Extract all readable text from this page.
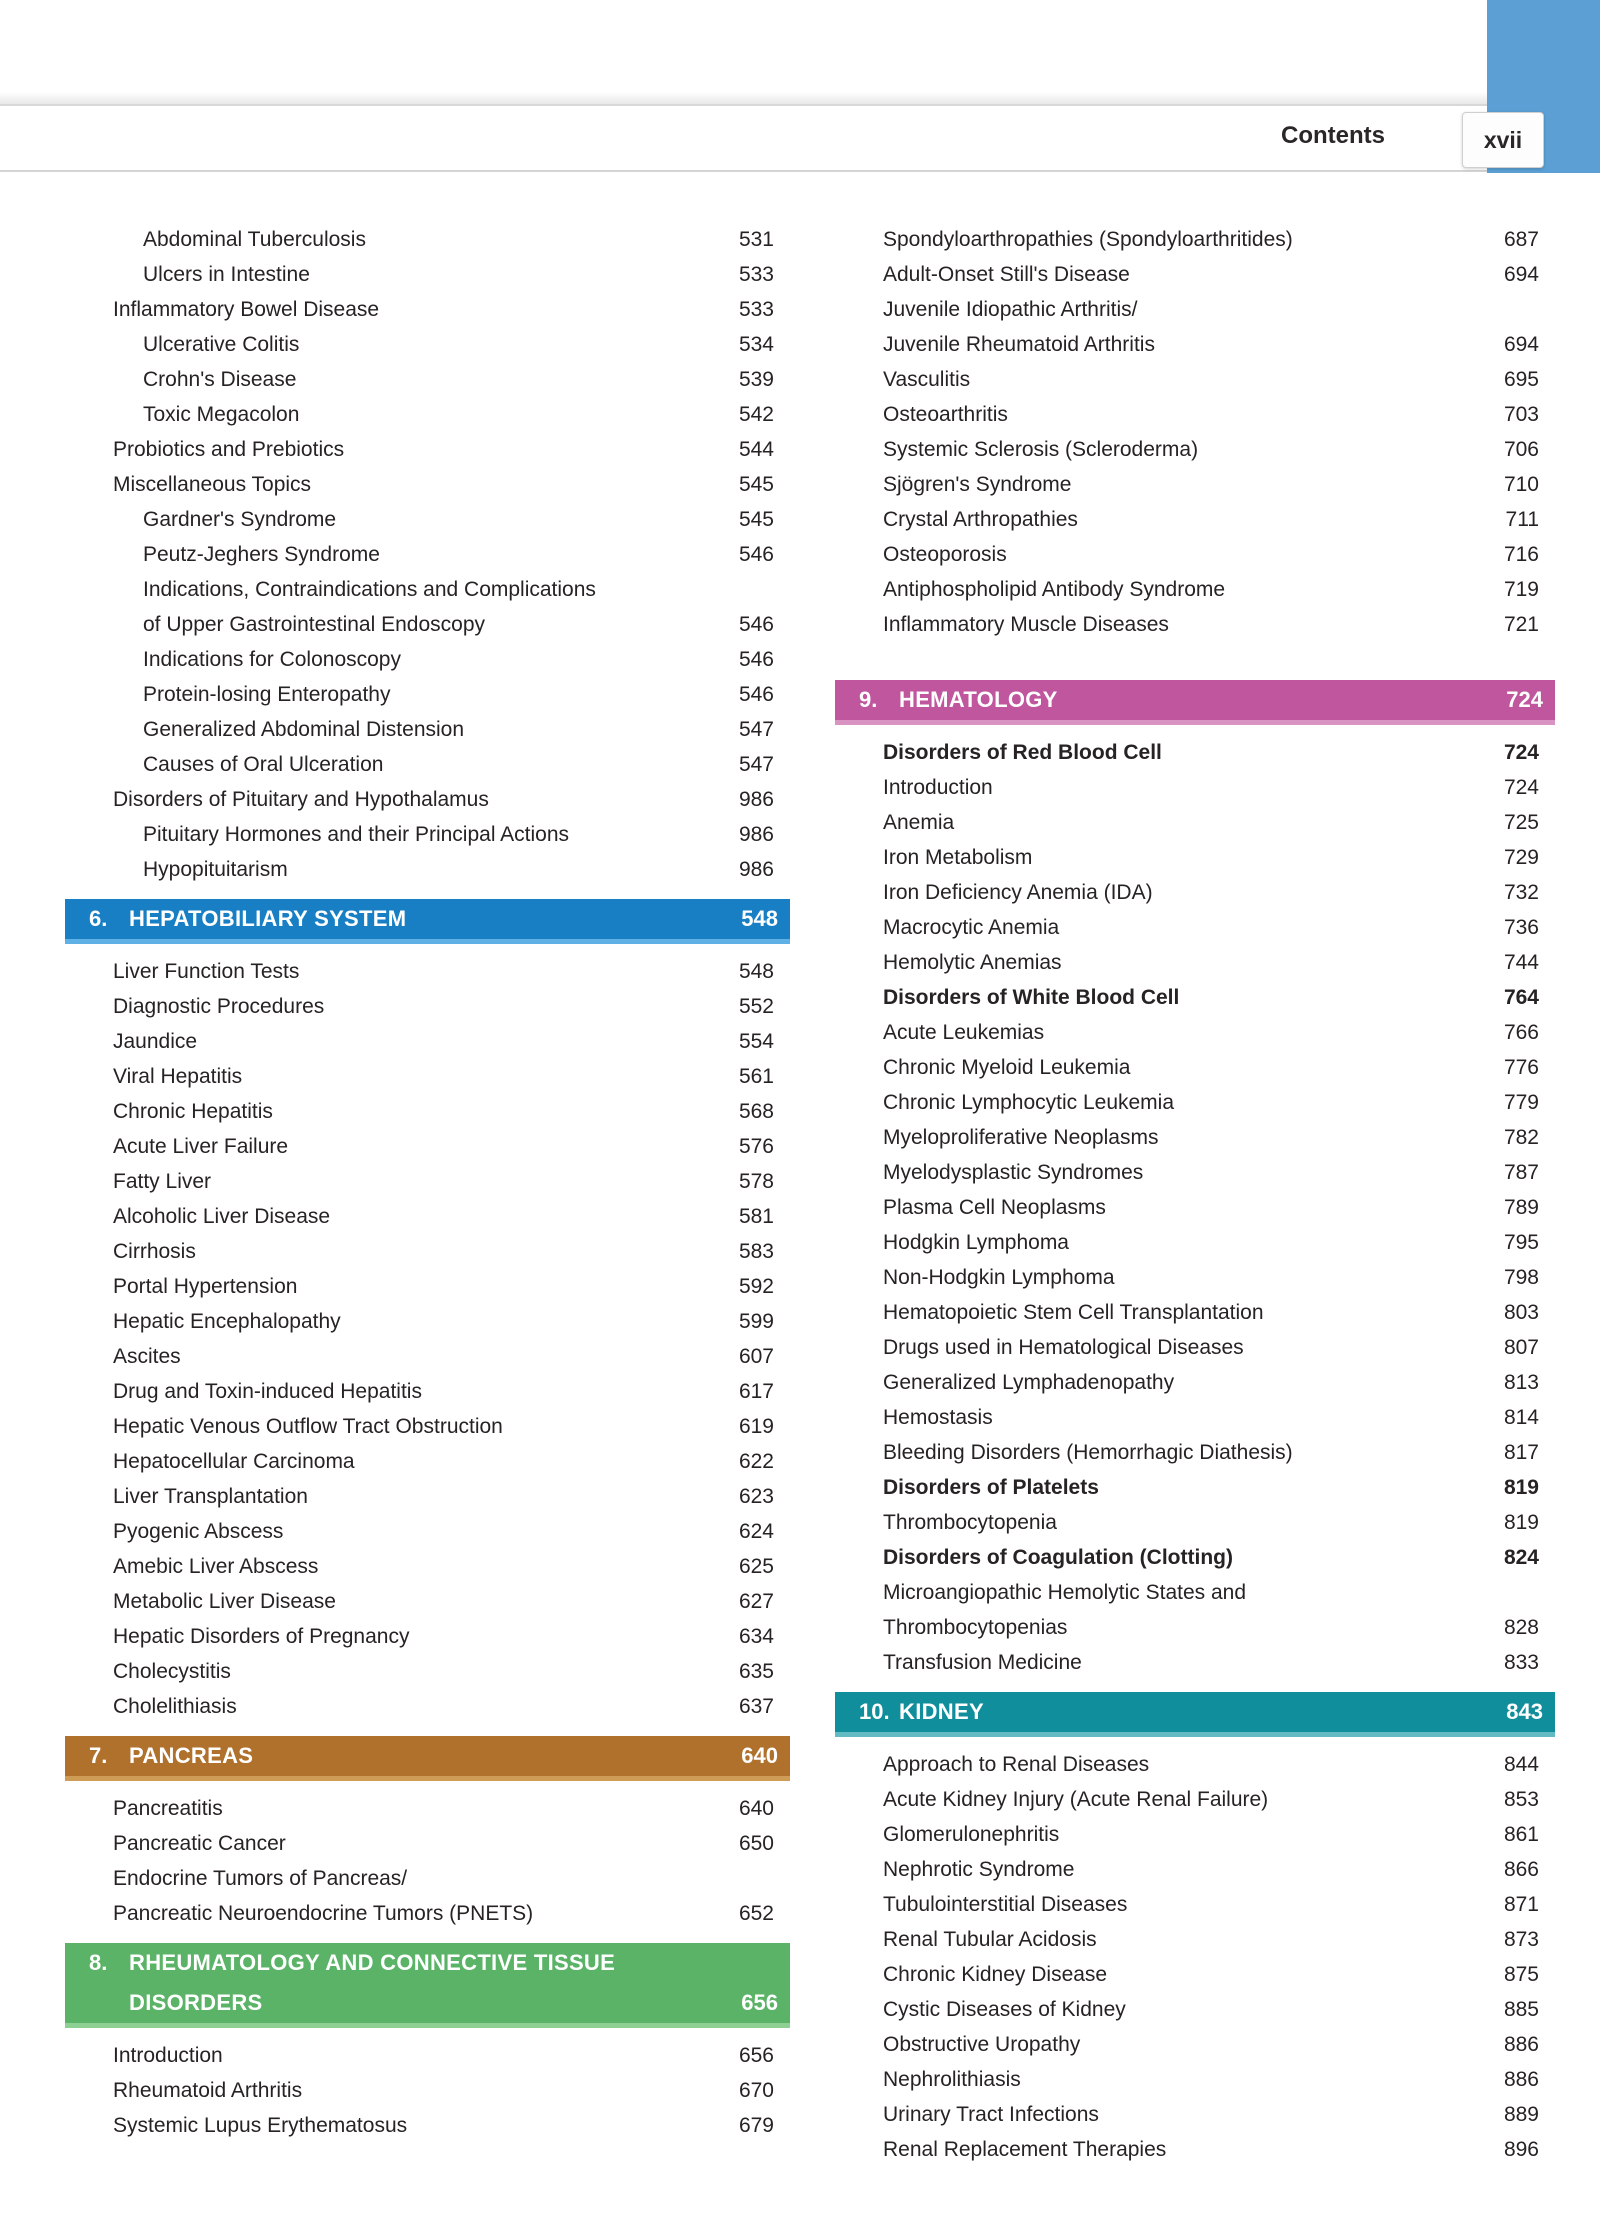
Contents	xvii
Abdominal Tuberculosis	531
Ulcers in Intestine	533
Inflammatory Bowel Disease	533
Ulcerative Colitis	534
Crohn's Disease	539
Toxic Megacolon	542
Probiotics and Prebiotics	544
Miscellaneous Topics	545
Gardner's Syndrome	545
Peutz-Jeghers Syndrome	546
Indications, Contraindications and Complications
of Upper Gastrointestinal Endoscopy	546
Indications for Colonoscopy	546
Protein-losing Enteropathy	546
Generalized Abdominal Distension	547
Causes of Oral Ulceration	547
Disorders of Pituitary and Hypothalamus	986
Pituitary Hormones and their Principal Actions	986
Hypopituitarism	986
6. HEPATOBILIARY SYSTEM	548
Liver Function Tests	548
Diagnostic Procedures	552
Jaundice	554
Viral Hepatitis	561
Chronic Hepatitis	568
Acute Liver Failure	576
Fatty Liver	578
Alcoholic Liver Disease	581
Cirrhosis	583
Portal Hypertension	592
Hepatic Encephalopathy	599
Ascites	607
Drug and Toxin-induced Hepatitis	617
Hepatic Venous Outflow Tract Obstruction	619
Hepatocellular Carcinoma	622
Liver Transplantation	623
Pyogenic Abscess	624
Amebic Liver Abscess	625
Metabolic Liver Disease	627
Hepatic Disorders of Pregnancy	634
Cholecystitis	635
Cholelithiasis	637
7. PANCREAS	640
Pancreatitis	640
Pancreatic Cancer	650
Endocrine Tumors of Pancreas/
Pancreatic Neuroendocrine Tumors (PNETS)	652
8. RHEUMATOLOGY AND CONNECTIVE TISSUE
DISORDERS	656
Introduction	656
Rheumatoid Arthritis	670
Systemic Lupus Erythematosus	679
Spondyloarthropathies (Spondyloarthritides)	687
Adult-Onset Still's Disease	694
Juvenile Idiopathic Arthritis/
Juvenile Rheumatoid Arthritis	694
Vasculitis	695
Osteoarthritis	703
Systemic Sclerosis (Scleroderma)	706
Sjögren's Syndrome	710
Crystal Arthropathies	711
Osteoporosis	716
Antiphospholipid Antibody Syndrome	719
Inflammatory Muscle Diseases	721
9. HEMATOLOGY	724
Disorders of Red Blood Cell	724
Introduction	724
Anemia	725
Iron Metabolism	729
Iron Deficiency Anemia (IDA)	732
Macrocytic Anemia	736
Hemolytic Anemias	744
Disorders of White Blood Cell	764
Acute Leukemias	766
Chronic Myeloid Leukemia	776
Chronic Lymphocytic Leukemia	779
Myeloproliferative Neoplasms	782
Myelodysplastic Syndromes	787
Plasma Cell Neoplasms	789
Hodgkin Lymphoma	795
Non-Hodgkin Lymphoma	798
Hematopoietic Stem Cell Transplantation	803
Drugs used in Hematological Diseases	807
Generalized Lymphadenopathy	813
Hemostasis	814
Bleeding Disorders (Hemorrhagic Diathesis)	817
Disorders of Platelets	819
Thrombocytopenia	819
Disorders of Coagulation (Clotting)	824
Microangiopathic Hemolytic States and
Thrombocytopenias	828
Transfusion Medicine	833
10. KIDNEY	843
Approach to Renal Diseases	844
Acute Kidney Injury (Acute Renal Failure)	853
Glomerulonephritis	861
Nephrotic Syndrome	866
Tubulointerstitial Diseases	871
Renal Tubular Acidosis	873
Chronic Kidney Disease	875
Cystic Diseases of Kidney	885
Obstructive Uropathy	886
Nephrolithiasis	886
Urinary Tract Infections	889
Renal Replacement Therapies	896
